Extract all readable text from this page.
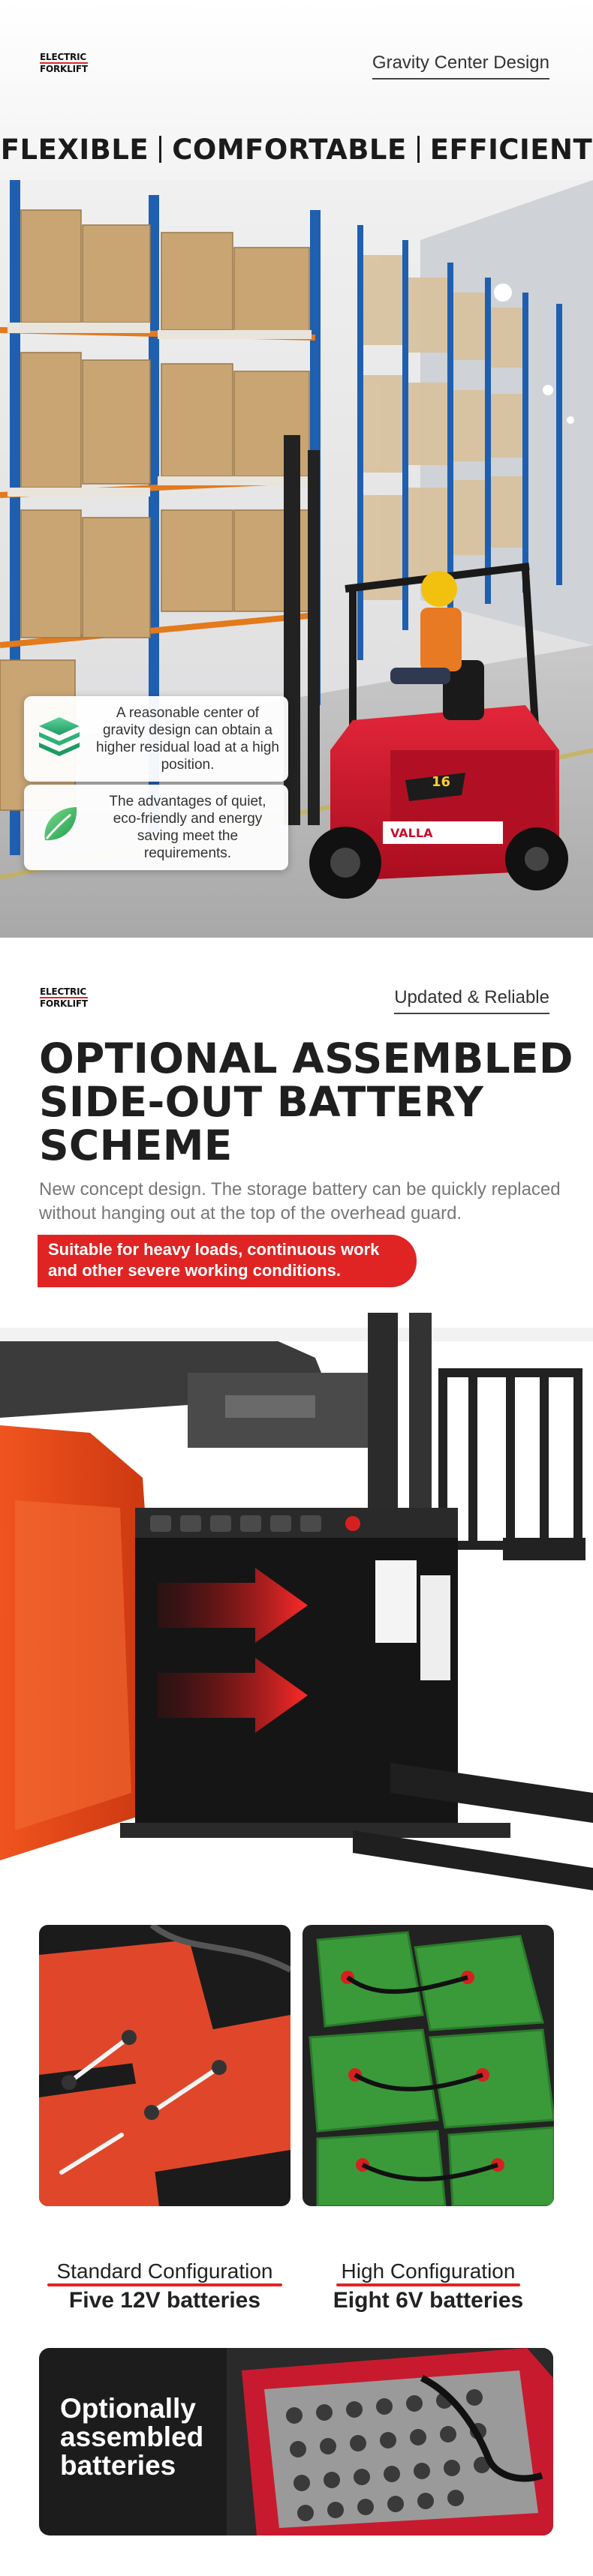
ELECTRIC
FORKLIFT	Gravity Center Design
FLEXIBLE COMFORTABLE EFFICIENT
16
VALLA
A reasonable center of gravity design can obtain a higher residual load at a high position.
The advantages of quiet, eco-friendly and energy saving meet the requirements.
ELECTRIC
FORKLIFT	Updated & Reliable
OPTIONAL ASSEMBLED
SIDE-OUT BATTERY
SCHEME
New concept design. The storage battery can be quickly replaced without hanging out at the top of the overhead guard.
Suitable for heavy loads, continuous work
and other severe working conditions.
Standard Configuration
Five 12V batteries
High Configuration
Eight 6V batteries
Optionally
assembled
batteries
